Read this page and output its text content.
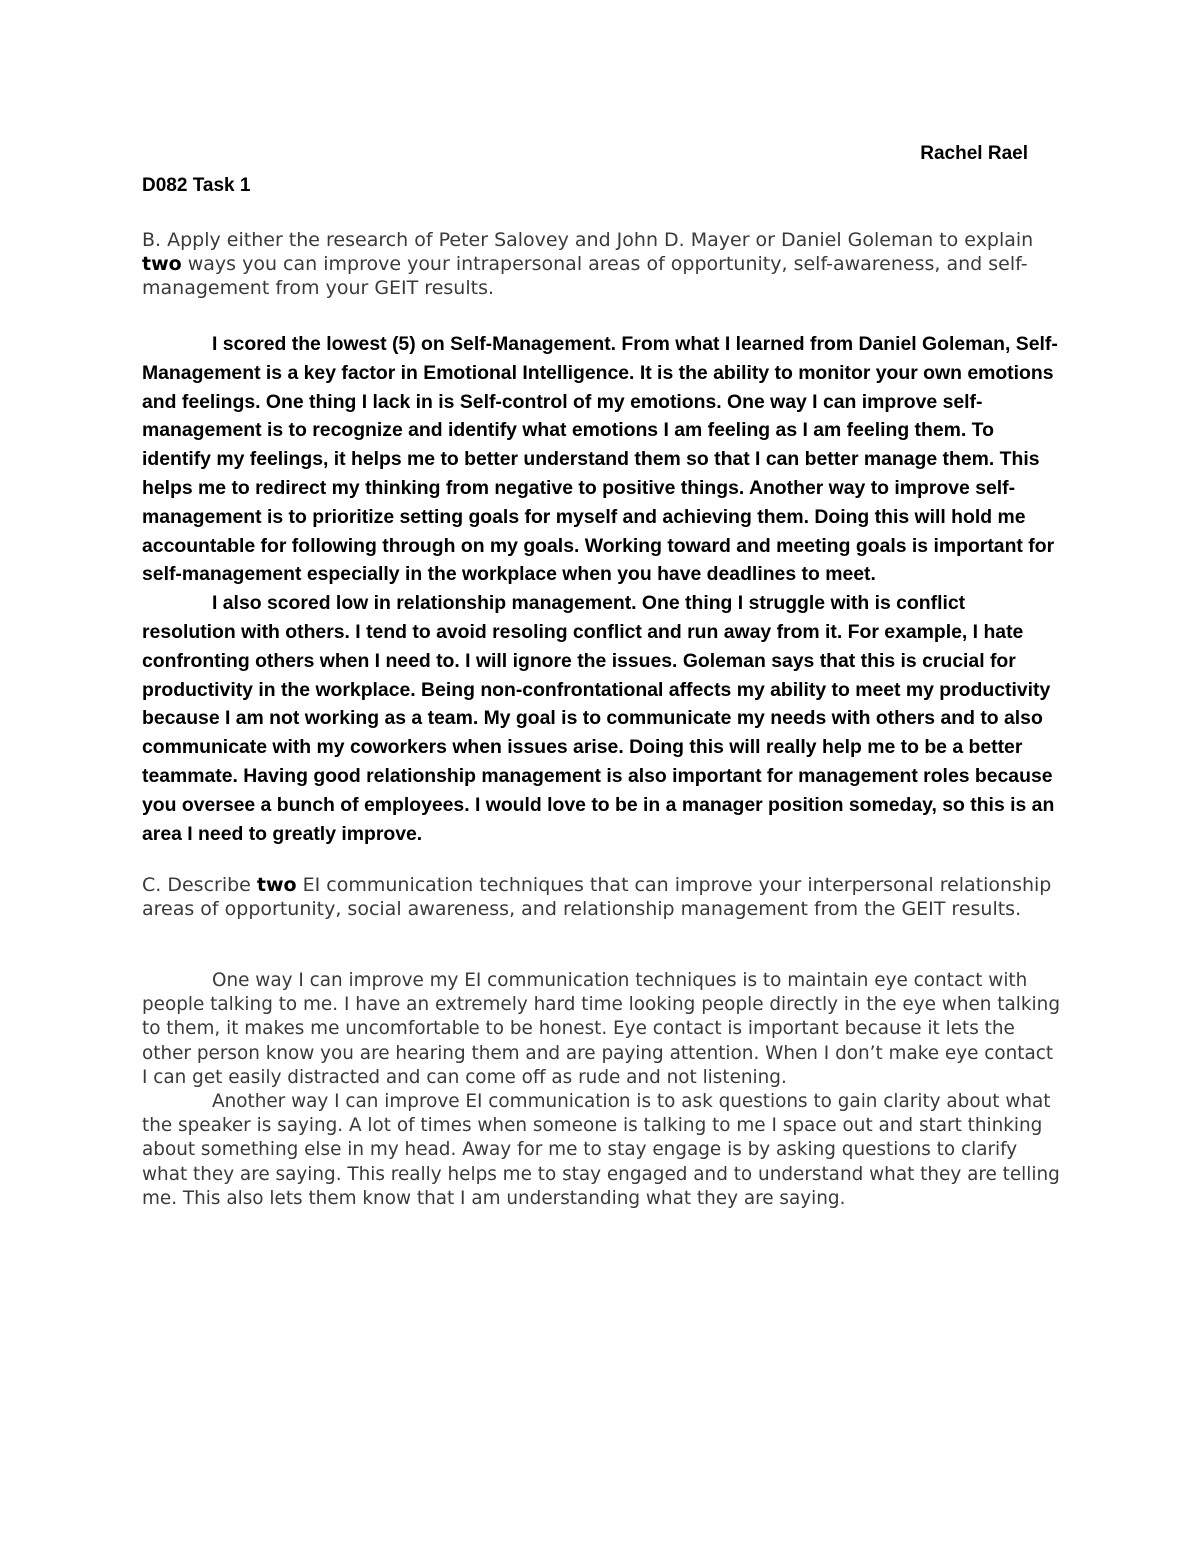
Rachel Rael

D082 Task 1

B. Apply either the research of Peter Salovey and John D. Mayer or Daniel Goleman to explain two ways you can improve your intrapersonal areas of opportunity, self-awareness, and self-management from your GEIT results.

I scored the lowest (5) on Self-Management. From what I learned from Daniel Goleman, Self-Management is a key factor in Emotional Intelligence. It is the ability to monitor your own emotions and feelings. One thing I lack in is Self-control of my emotions. One way I can improve self-management is to recognize and identify what emotions I am feeling as I am feeling them. To identify my feelings, it helps me to better understand them so that I can better manage them. This helps me to redirect my thinking from negative to positive things. Another way to improve self-management is to prioritize setting goals for myself and achieving them. Doing this will hold me accountable for following through on my goals. Working toward and meeting goals is important for self-management especially in the workplace when you have deadlines to meet.

I also scored low in relationship management. One thing I struggle with is conflict resolution with others. I tend to avoid resoling conflict and run away from it. For example, I hate confronting others when I need to. I will ignore the issues. Goleman says that this is crucial for productivity in the workplace. Being non-confrontational affects my ability to meet my productivity because I am not working as a team. My goal is to communicate my needs with others and to also communicate with my coworkers when issues arise. Doing this will really help me to be a better teammate. Having good relationship management is also important for management roles because you oversee a bunch of employees. I would love to be in a manager position someday, so this is an area I need to greatly improve.

C. Describe two EI communication techniques that can improve your interpersonal relationship areas of opportunity, social awareness, and relationship management from the GEIT results.

One way I can improve my EI communication techniques is to maintain eye contact with people talking to me. I have an extremely hard time looking people directly in the eye when talking to them, it makes me uncomfortable to be honest. Eye contact is important because it lets the other person know you are hearing them and are paying attention. When I don’t make eye contact I can get easily distracted and can come off as rude and not listening.

Another way I can improve EI communication is to ask questions to gain clarity about what the speaker is saying. A lot of times when someone is talking to me I space out and start thinking about something else in my head. Away for me to stay engage is by asking questions to clarify what they are saying. This really helps me to stay engaged and to understand what they are telling me. This also lets them know that I am understanding what they are saying.
